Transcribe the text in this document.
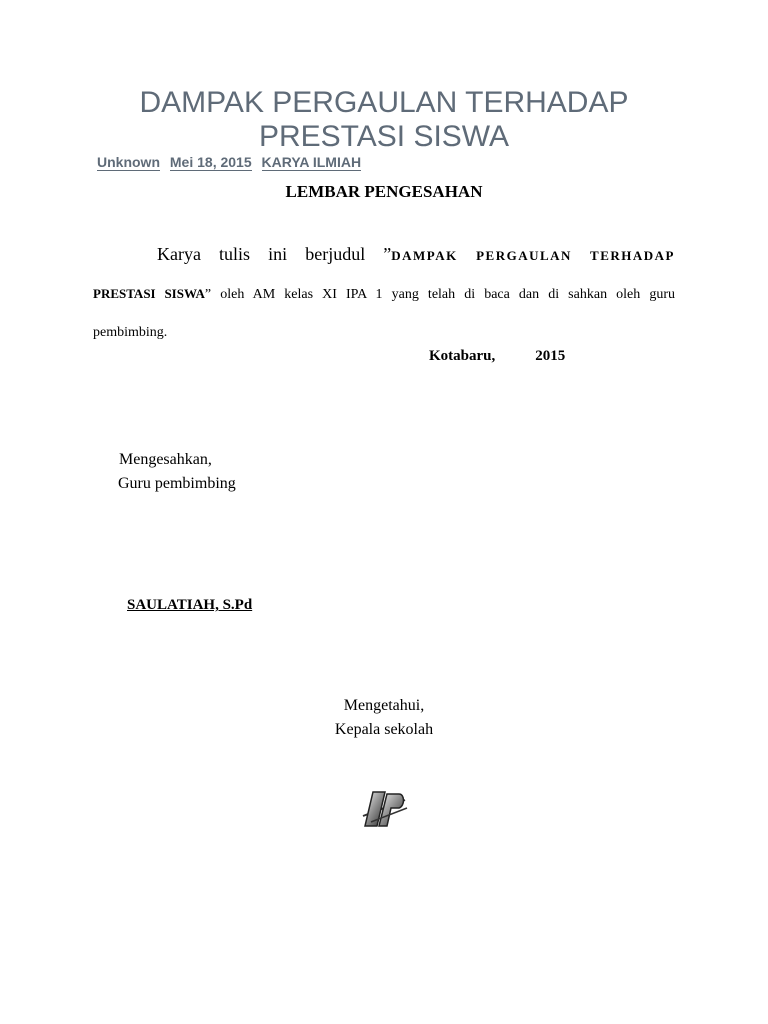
DAMPAK PERGAULAN TERHADAP
PRESTASI SISWA
Unknown Mei 18, 2015 KARYA ILMIAH
LEMBAR PENGESAHAN
Karya tulis ini berjudul ”DAMPAK PERGAULAN TERHADAP
PRESTASI SISWA” oleh AM kelas XI IPA 1 yang telah di baca dan di sahkan oleh guru
pembimbing.
Kotabaru,	2015
Mengesahkan,
Guru pembimbing
SAULATIAH, S.Pd
Mengetahui,
Kepala sekolah
